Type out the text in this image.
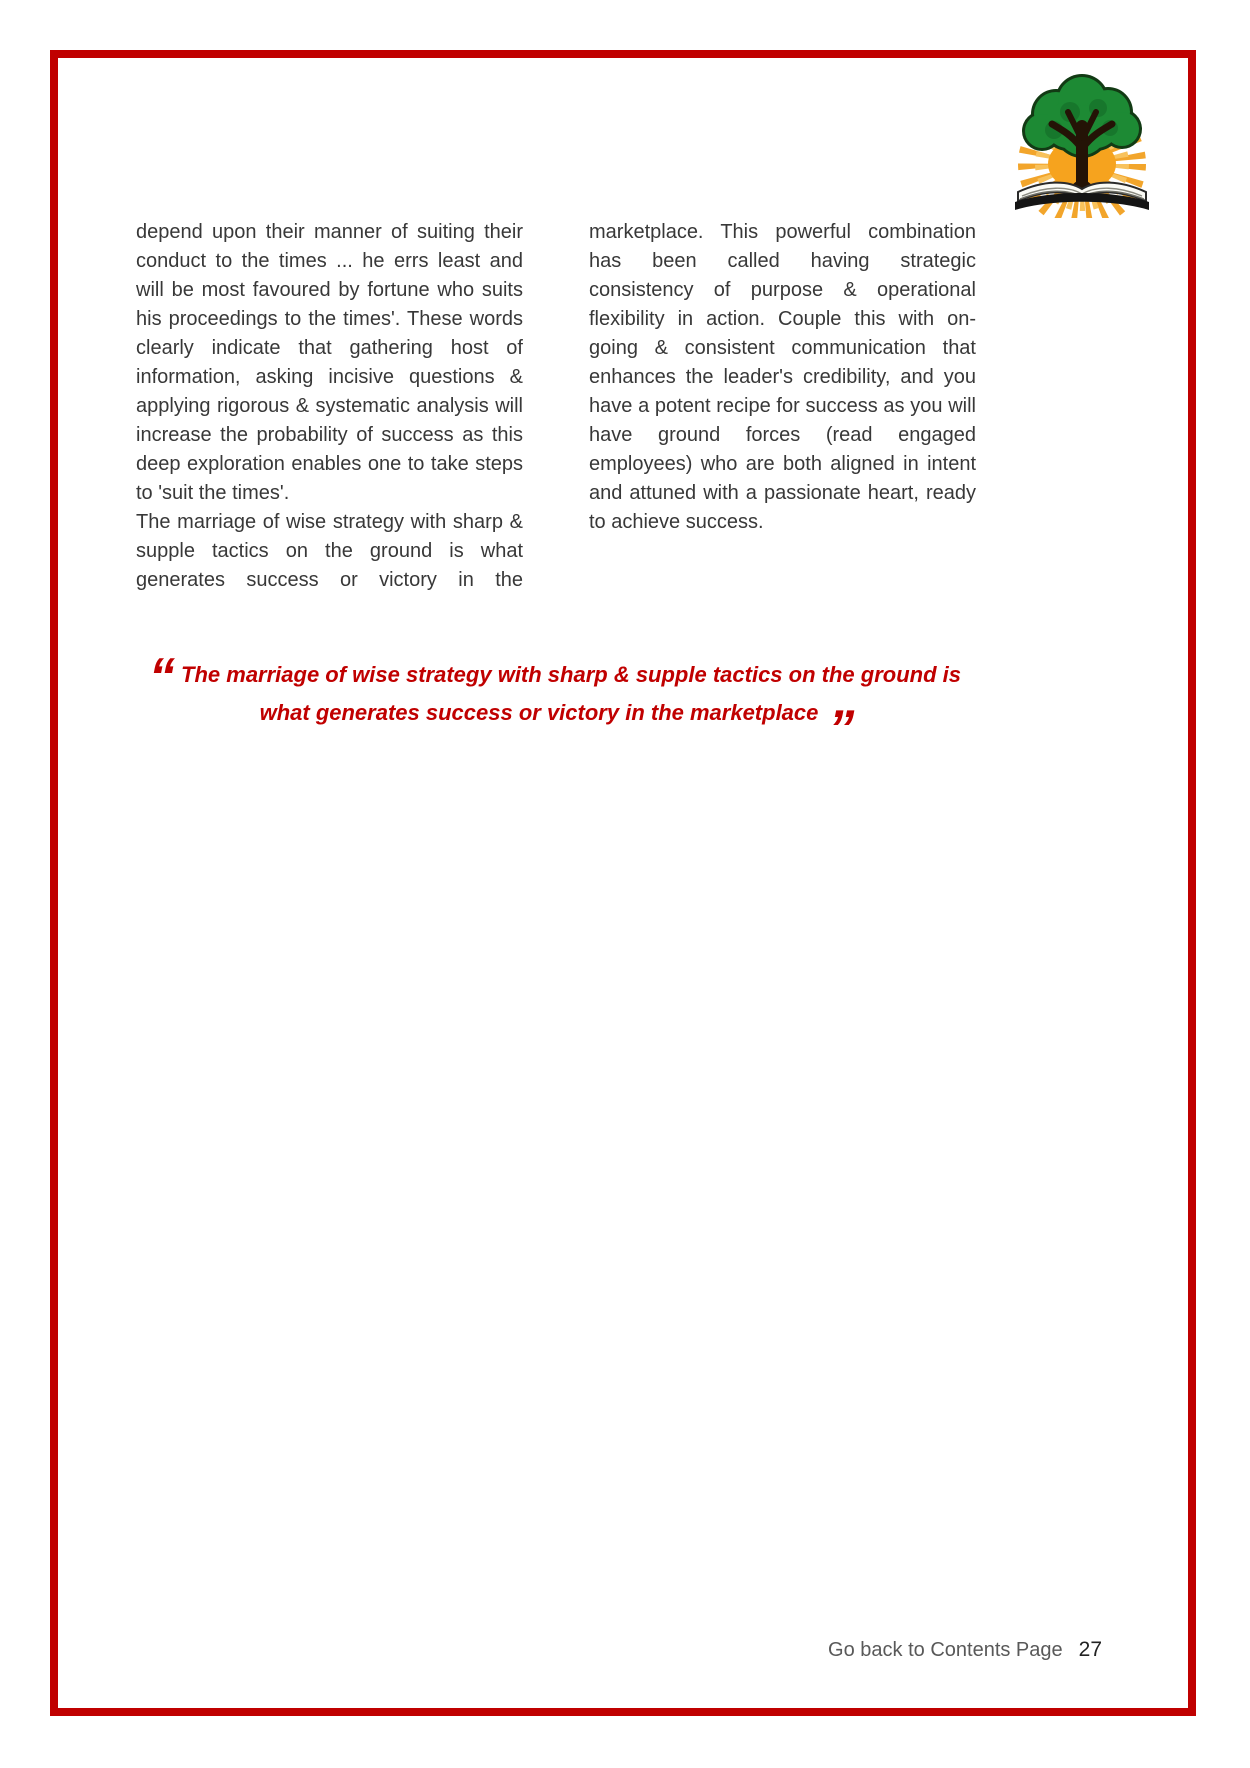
depend upon their manner of suiting their conduct to the times ... he errs least and will be most favoured by fortune who suits his proceedings to the times'. These words clearly indicate that gathering host of information, asking incisive questions & applying rigorous & systematic analysis will increase the probability of success as this deep exploration enables one to take steps to 'suit the times'.

The marriage of wise strategy with sharp & supple tactics on the ground is what generates success or victory in the

marketplace. This powerful combination has been called having strategic consistency of purpose & operational flexibility in action. Couple this with on-going & consistent communication that enhances the leader's credibility, and you have a potent recipe for success as you will have ground forces (read engaged employees) who are both aligned in intent and attuned with a passionate heart, ready to achieve success.

“ The marriage of wise strategy with sharp & supple tactics on the ground is what generates success or victory in the marketplace ”
Go back to Contents Page 27
